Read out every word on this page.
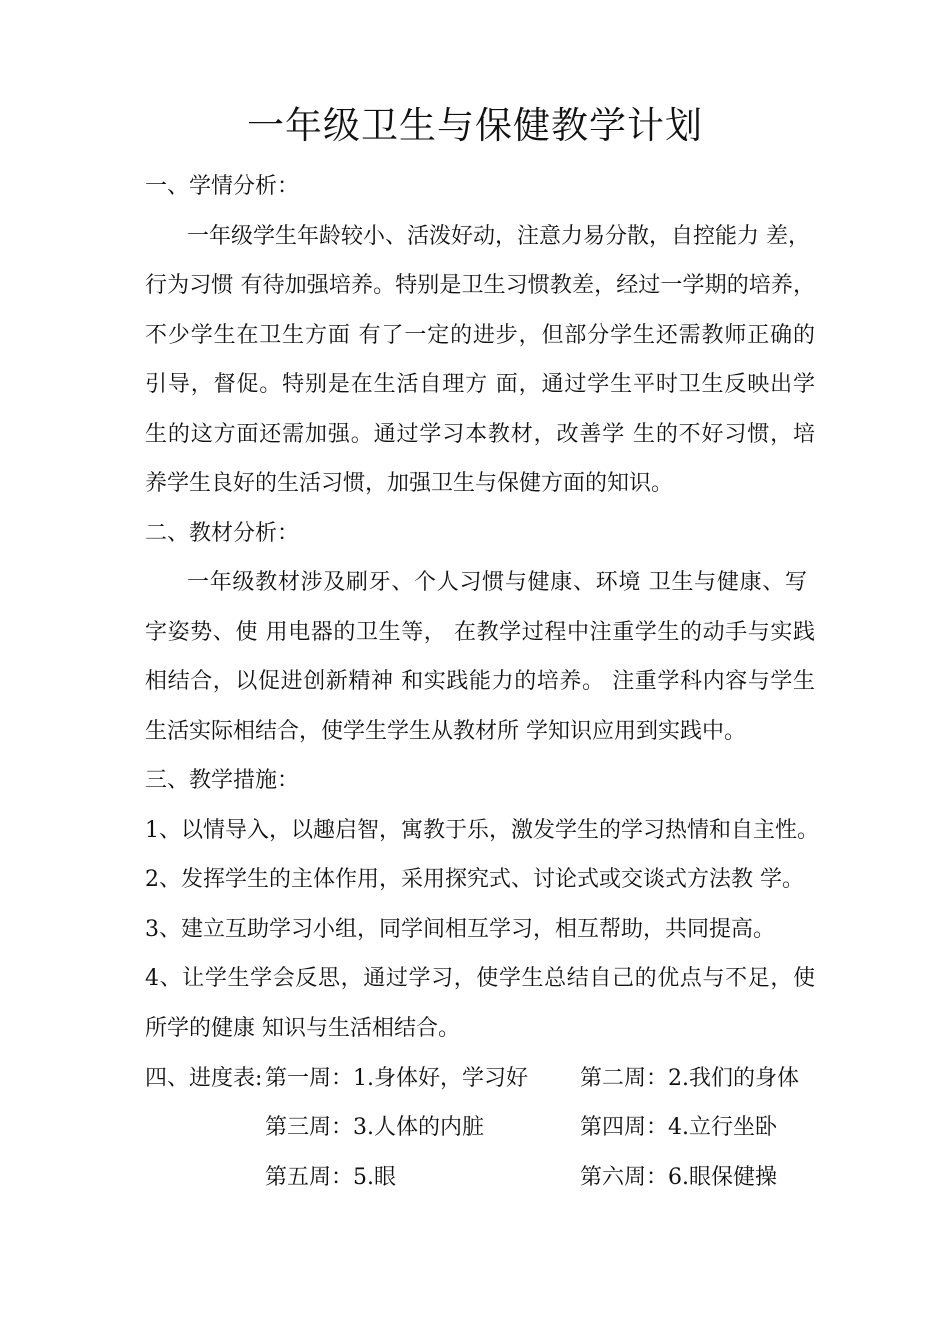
一年级卫生与保健教学计划
一、学情分析：
一年级学生年龄较小、活泼好动，注意力易分散，自控能力 差，
行为习惯 有待加强培养。特别是卫生习惯教差，经过一学期的培养，
不少学生在卫生方面 有了一定的进步，但部分学生还需教师正确的
引导，督促。特别是在生活自理方 面，通过学生平时卫生反映出学
生的这方面还需加强。通过学习本教材，改善学 生的不好习惯，培
养学生良好的生活习惯，加强卫生与保健方面的知识。
二、教材分析：
一年级教材涉及刷牙、个人习惯与健康、环境 卫生与健康、写
字姿势、使 用电器的卫生等， 在教学过程中注重学生的动手与实践
相结合，以促进创新精神 和实践能力的培养。 注重学科内容与学生
生活实际相结合，使学生学生从教材所 学知识应用到实践中。
三、教学措施：
1、以情导入，以趣启智，寓教于乐，激发学生的学习热情和自主性。
2、发挥学生的主体作用，采用探究式、讨论式或交谈式方法教 学。
3、建立互助学习小组，同学间相互学习，相互帮助，共同提高。
4、让学生学会反思，通过学习，使学生总结自己的优点与不足，使
所学的健康 知识与生活相结合。
四、进度表: 第一周：1.身体好，学习好 第二周：2.我们的身体
第三周：3.人体的内脏	第四周：4.立行坐卧
第五周：5.眼	第六周：6.眼保健操
